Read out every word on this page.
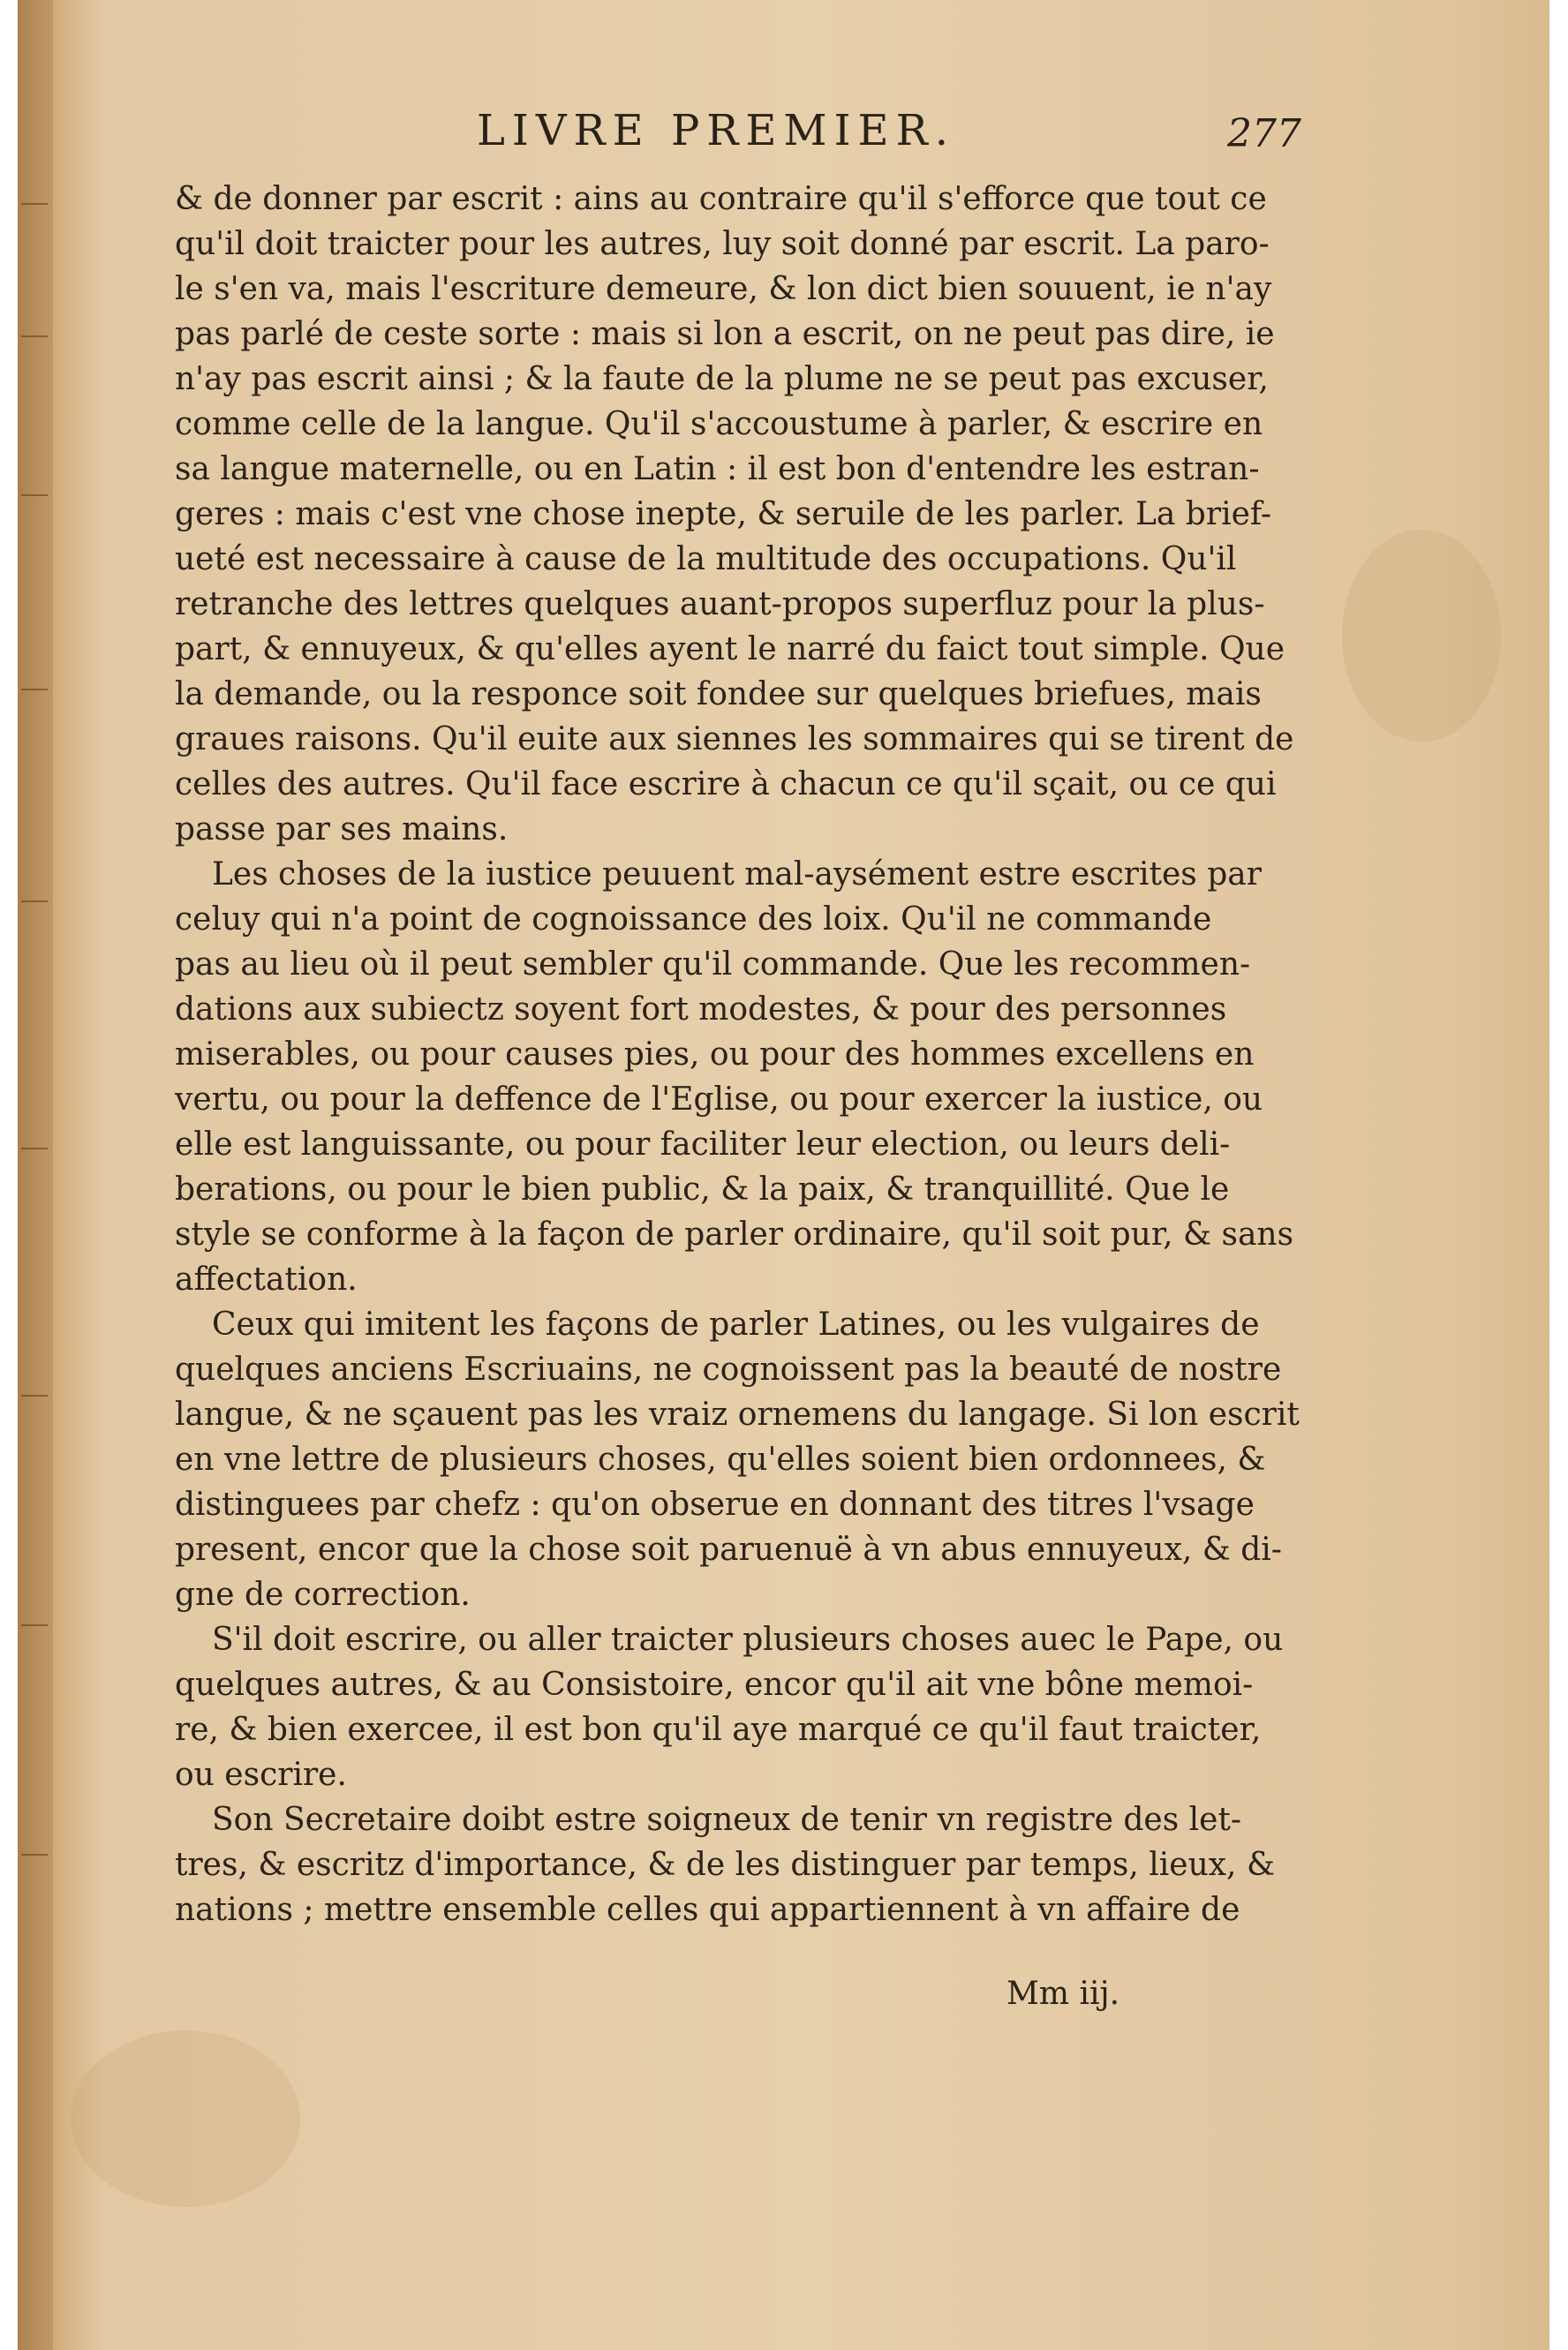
LIVRE PREMIER.	277
& de donner par escrit : ains au contraire qu'il s'efforce que tout ce
qu'il doit traicter pour les autres, luy soit donné par escrit. La paro-
le s'en va, mais l'escriture demeure, & lon dict bien souuent, ie n'ay
pas parlé de ceste sorte : mais si lon a escrit, on ne peut pas dire, ie
n'ay pas escrit ainsi ; & la faute de la plume ne se peut pas excuser,
comme celle de la langue. Qu'il s'accoustume à parler, & escrire en
sa langue maternelle, ou en Latin : il est bon d'entendre les estran-
geres : mais c'est vne chose inepte, & seruile de les parler. La brief-
ueté est necessaire à cause de la multitude des occupations. Qu'il
retranche des lettres quelques auant-propos superfluz pour la plus-
part, & ennuyeux, & qu'elles ayent le narré du faict tout simple. Que
la demande, ou la responce soit fondee sur quelques briefues, mais
graues raisons. Qu'il euite aux siennes les sommaires qui se tirent de
celles des autres. Qu'il face escrire à chacun ce qu'il sçait, ou ce qui
passe par ses mains.
Les choses de la iustice peuuent mal-aysément estre escrites par
celuy qui n'a point de cognoissance des loix. Qu'il ne commande
pas au lieu où il peut sembler qu'il commande. Que les recommen-
dations aux subiectz soyent fort modestes, & pour des personnes
miserables, ou pour causes pies, ou pour des hommes excellens en
vertu, ou pour la deffence de l'Eglise, ou pour exercer la iustice, ou
elle est languissante, ou pour faciliter leur election, ou leurs deli-
berations, ou pour le bien public, & la paix, & tranquillité. Que le
style se conforme à la façon de parler ordinaire, qu'il soit pur, & sans
affectation.
Ceux qui imitent les façons de parler Latines, ou les vulgaires de
quelques anciens Escriuains, ne cognoissent pas la beauté de nostre
langue, & ne sçauent pas les vraiz ornemens du langage. Si lon escrit
en vne lettre de plusieurs choses, qu'elles soient bien ordonnees, &
distinguees par chefz : qu'on obserue en donnant des titres l'vsage
present, encor que la chose soit paruenuë à vn abus ennuyeux, & di-
gne de correction.
S'il doit escrire, ou aller traicter plusieurs choses auec le Pape, ou
quelques autres, & au Consistoire, encor qu'il ait vne bône memoi-
re, & bien exercee, il est bon qu'il aye marqué ce qu'il faut traicter,
ou escrire.
Son Secretaire doibt estre soigneux de tenir vn registre des let-
tres, & escritz d'importance, & de les distinguer par temps, lieux, &
nations ; mettre ensemble celles qui appartiennent à vn affaire de
Mm iij.
